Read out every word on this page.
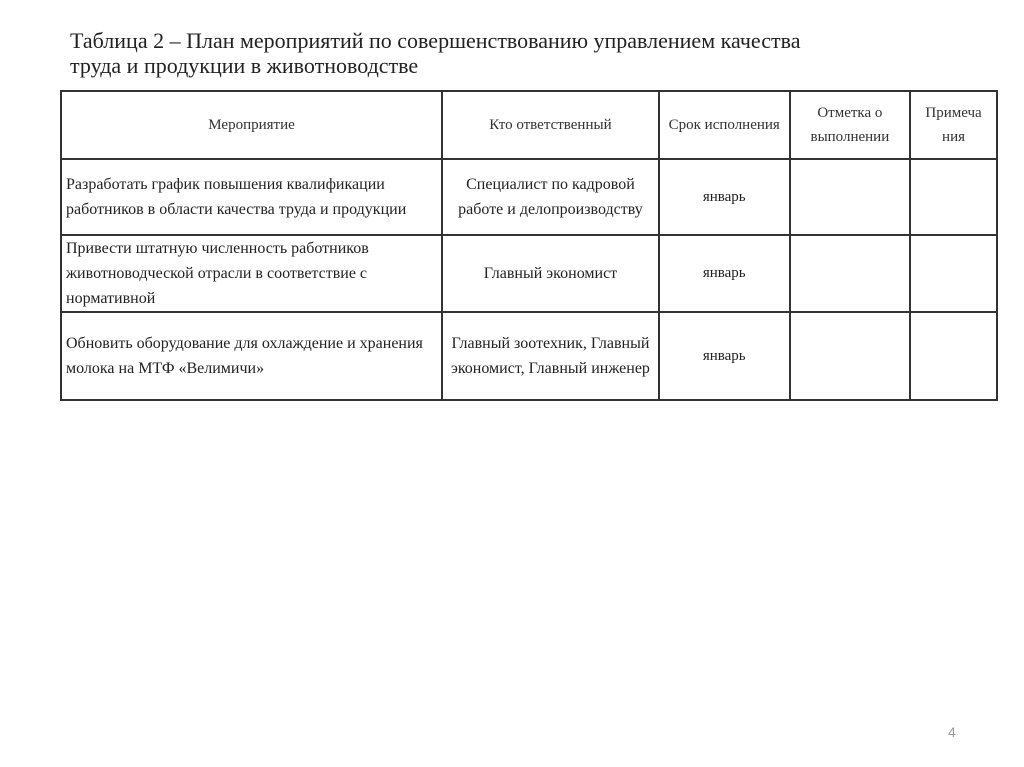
Таблица 2 – План мероприятий по совершенствованию управлением качества
труда и продукции в животноводстве
Мероприятие	Кто ответственный	Срок исполнения	Отметка о выполнении	Примеча ния
Разработать график повышения квалификации работников в области качества труда и продукции	Специалист по кадровой работе и делопроизводству	январь		
Привести штатную численность работников животноводческой отрасли в соответствие с нормативной	Главный экономист	январь		
Обновить оборудование для охлаждение и хранения молока на МТФ «Велимичи»	Главный зоотехник, Главный экономист, Главный инженер	январь		
4
